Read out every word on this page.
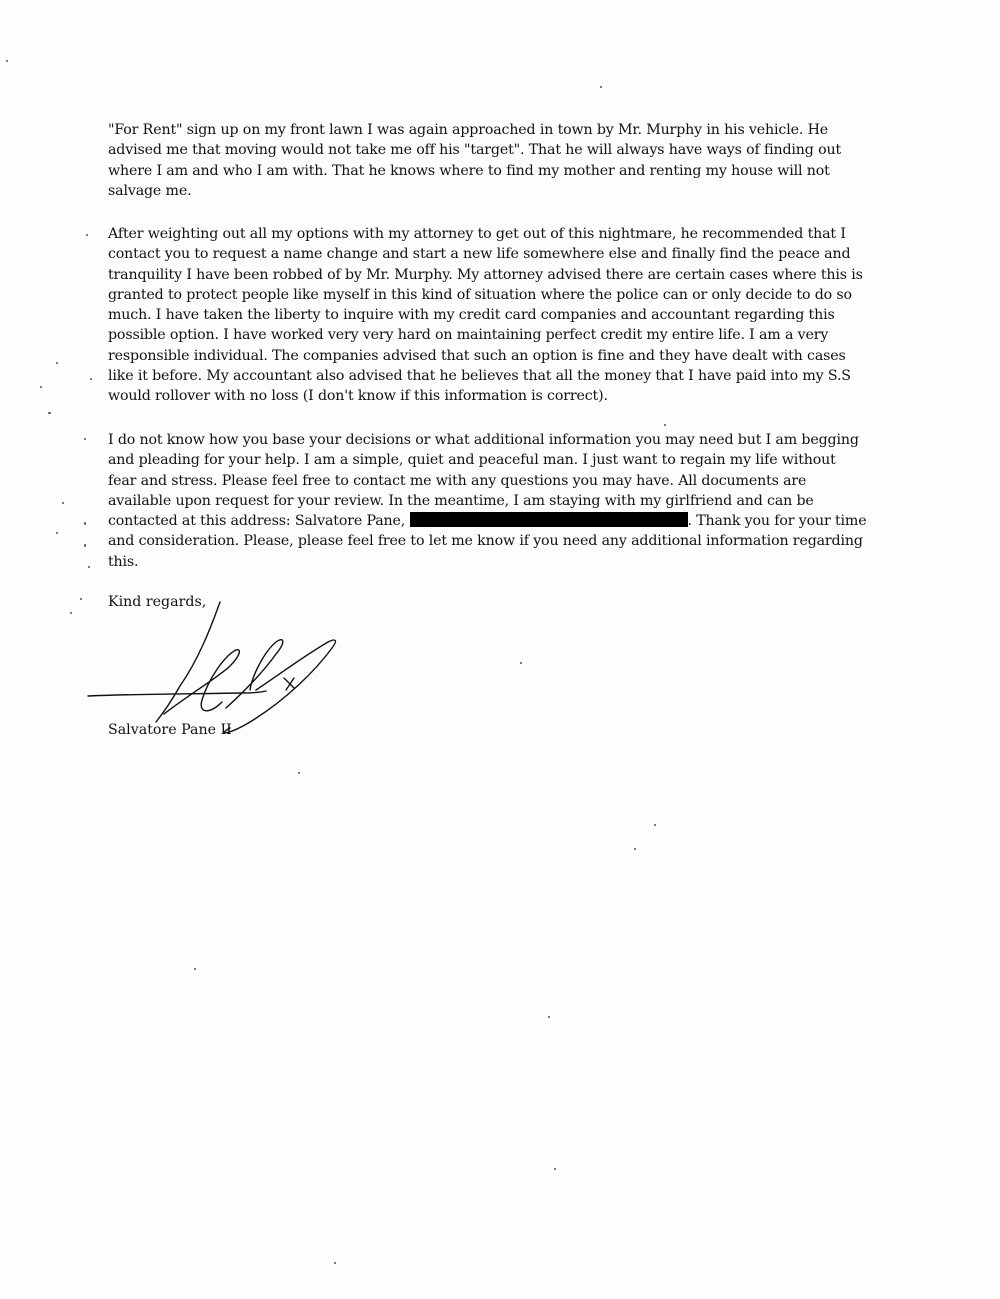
"For Rent" sign up on my front lawn I was again approached in town by Mr. Murphy in his vehicle. He advised me that moving would not take me off his "target". That he will always have ways of finding out where I am and who I am with. That he knows where to find my mother and renting my house will not salvage me.

After weighting out all my options with my attorney to get out of this nightmare, he recommended that I contact you to request a name change and start a new life somewhere else and finally find the peace and tranquility I have been robbed of by Mr. Murphy. My attorney advised there are certain cases where this is granted to protect people like myself in this kind of situation where the police can or only decide to do so much. I have taken the liberty to inquire with my credit card companies and accountant regarding this possible option. I have worked very very hard on maintaining perfect credit my entire life. I am a very responsible individual. The companies advised that such an option is fine and they have dealt with cases like it before. My accountant also advised that he believes that all the money that I have paid into my S.S would rollover with no loss (I don't know if this information is correct).

I do not know how you base your decisions or what additional information you may need but I am begging and pleading for your help. I am a simple, quiet and peaceful man. I just want to regain my life without fear and stress. Please feel free to contact me with any questions you may have. All documents are available upon request for your review. In the meantime, I am staying with my girlfriend and can be contacted at this address: Salvatore Pane,	. Thank you for your time and consideration. Please, please feel free to let me know if you need any additional information regarding this.

Kind regards,

Salvatore Pane II
